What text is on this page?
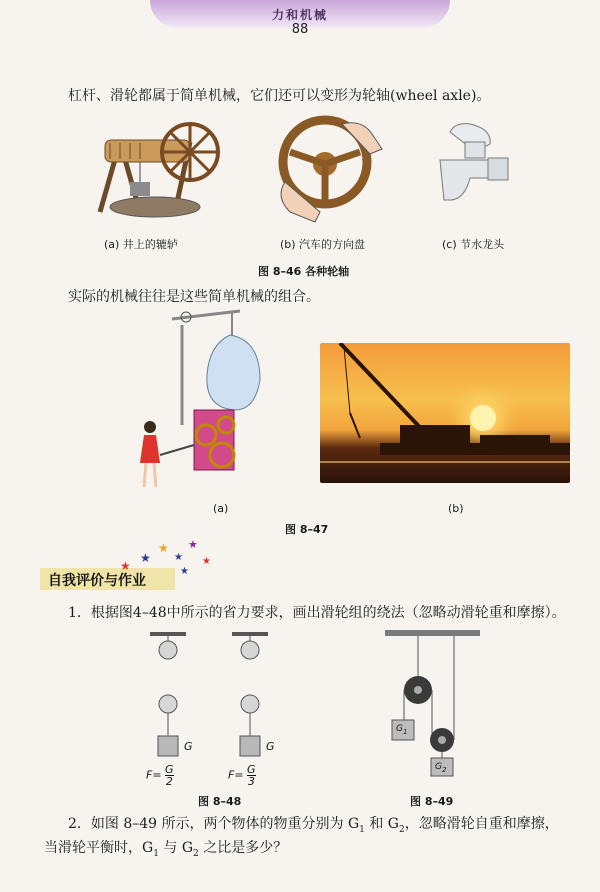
力和机械
88
杠杆、滑轮都属于简单机械，它们还可以变形为轮轴(wheel axle)。
(a) 井上的辘轳	(b) 汽车的方向盘	(c) 节水龙头
图 8–46 各种轮轴
实际的机械往往是这些简单机械的组合。
(a)	(b)
图 8–47
自我评价与作业
★
★
★
★
★
★
★
1．根据图4–48中所示的省力要求，画出滑轮组的绕法（忽略动滑轮重和摩擦）。
G	G
$F= \frac{G}{2}$	$F= \frac{G}{3}$
图 8–48
$G_1$
$G_2$
图 8–49
2．如图 8–49 所示，两个物体的物重分别为 $G_1$ 和 $G_2$，忽略滑轮自重和摩擦，
当滑轮平衡时，$G_1$ 与 $G_2$ 之比是多少？
